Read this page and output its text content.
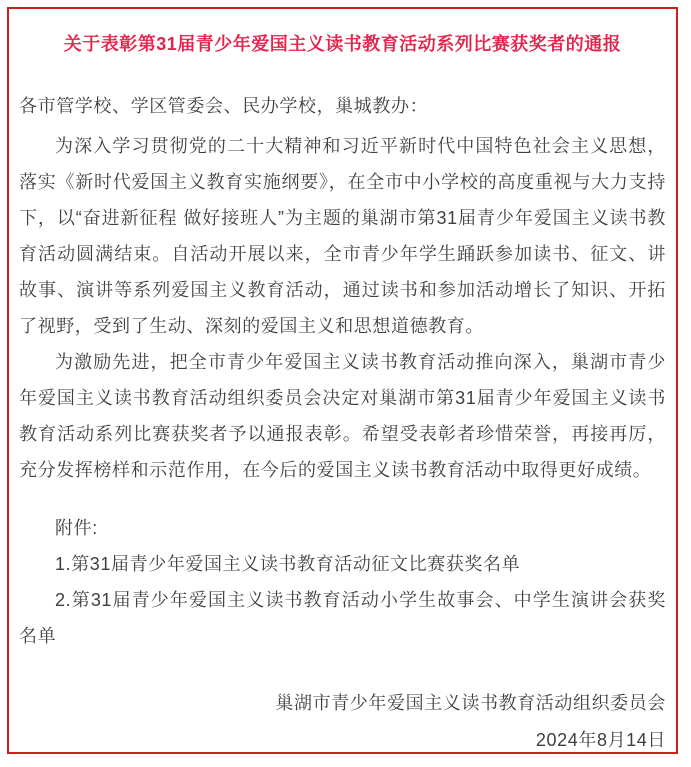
关于表彰第31届青少年爱国主义读书教育活动系列比赛获奖者的通报

各市管学校、学区管委会、民办学校，巢城教办：

为深入学习贯彻党的二十大精神和习近平新时代中国特色社会主义思想，落实《新时代爱国主义教育实施纲要》，在全市中小学校的高度重视与大力支持下，以“奋进新征程 做好接班人”为主题的巢湖市第31届青少年爱国主义读书教育活动圆满结束。自活动开展以来，全市青少年学生踊跃参加读书、征文、讲故事、演讲等系列爱国主义教育活动，通过读书和参加活动增长了知识、开拓了视野，受到了生动、深刻的爱国主义和思想道德教育。

为激励先进，把全市青少年爱国主义读书教育活动推向深入，巢湖市青少年爱国主义读书教育活动组织委员会决定对巢湖市第31届青少年爱国主义读书教育活动系列比赛获奖者予以通报表彰。希望受表彰者珍惜荣誉，再接再厉，充分发挥榜样和示范作用，在今后的爱国主义读书教育活动中取得更好成绩。

附件:

1.第31届青少年爱国主义读书教育活动征文比赛获奖名单

2.第31届青少年爱国主义读书教育活动小学生故事会、中学生演讲会获奖名单

巢湖市青少年爱国主义读书教育活动组织委员会

2024年8月14日
